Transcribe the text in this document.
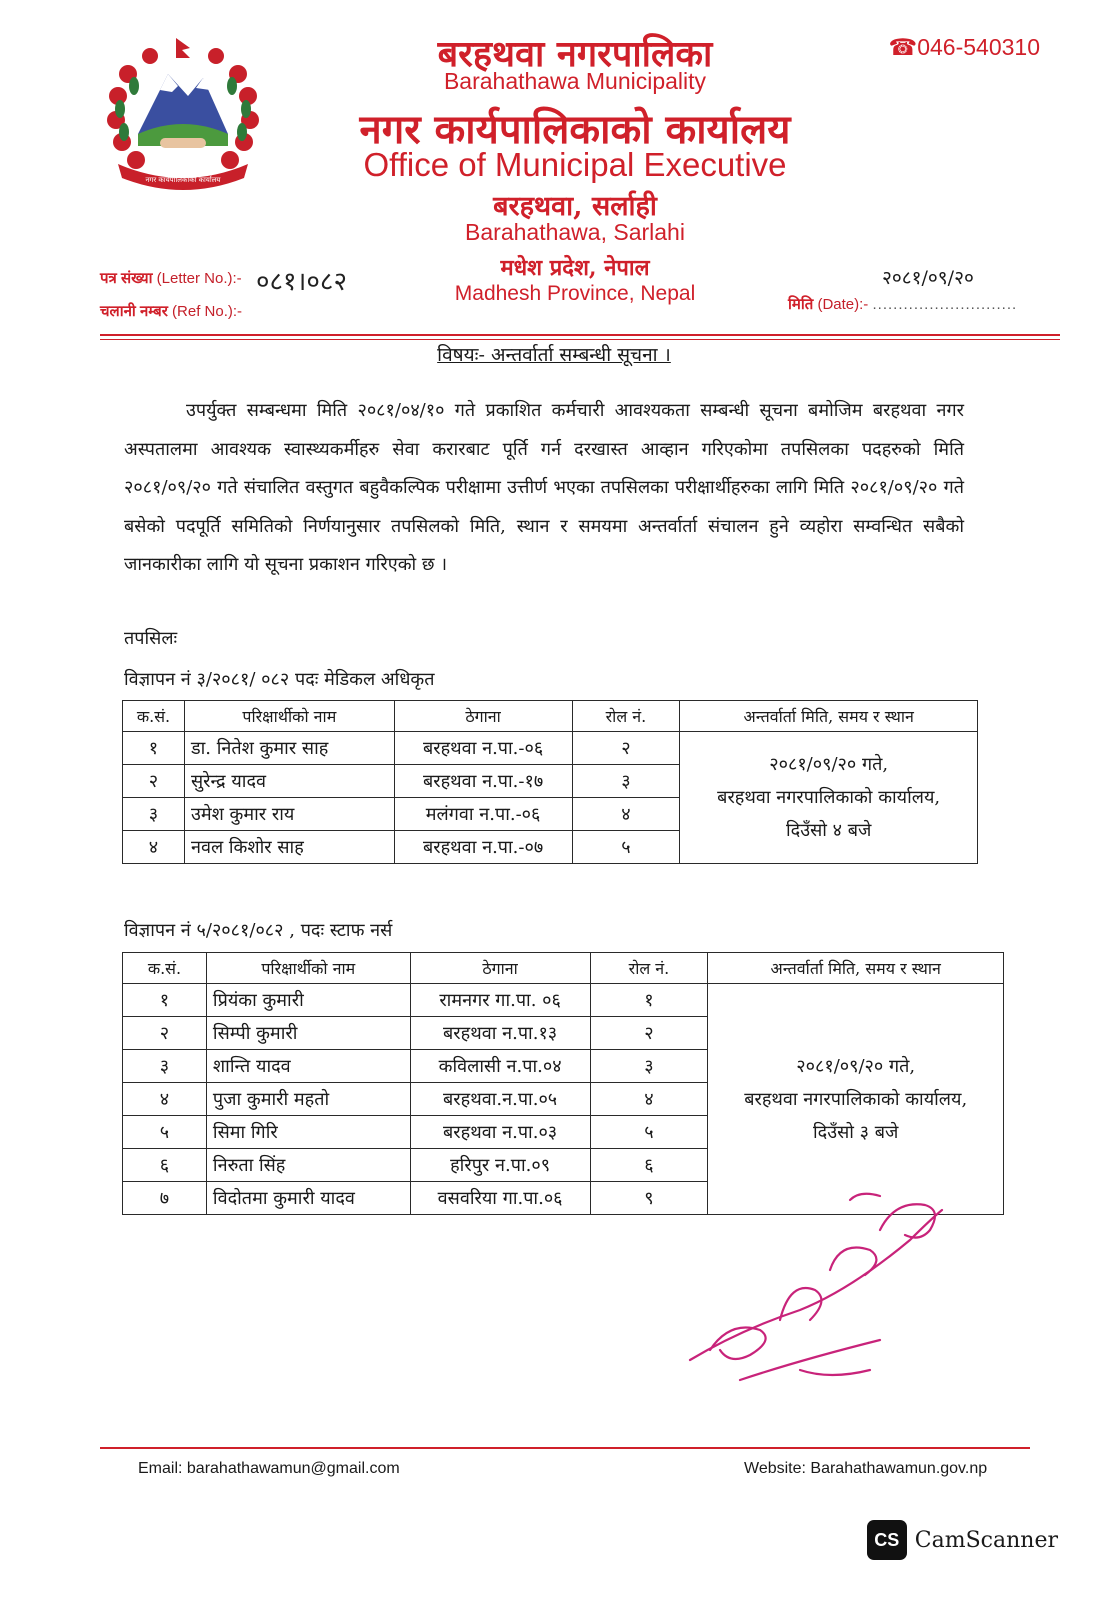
नगर कार्यपालिकाको कार्यालय
बरहथवा नगरपालिका
Barahathawa Municipality
नगर कार्यपालिकाको कार्यालय
Office of Municipal Executive
बरहथवा, सर्लाही
Barahathawa, Sarlahi
मधेश प्रदेश, नेपाल
Madhesh Province, Nepal
☎046-540310
पत्र संख्या (Letter No.):- ०८१।०८२
चलानी नम्बर (Ref No.):-
२०८१/०९/२०
मिति (Date):- ............................
विषयः- अन्तर्वार्ता सम्बन्धी सूचना ।
उपर्युक्त सम्बन्धमा मिति २०८१/०४/१० गते प्रकाशित कर्मचारी आवश्यकता सम्बन्धी सूचना बमोजिम बरहथवा नगर अस्पतालमा आवश्यक स्वास्थ्यकर्मीहरु सेवा करारबाट पूर्ति गर्न दरखास्त आव्हान गरिएकोमा तपसिलका पदहरुको मिति २०८१/०९/२० गते संचालित वस्तुगत बहुवैकल्पिक परीक्षामा उत्तीर्ण भएका तपसिलका परीक्षार्थीहरुका लागि मिति २०८१/०९/२० गते बसेको पदपूर्ति समितिको निर्णयानुसार तपसिलको मिति, स्थान र समयमा अन्तर्वार्ता संचालन हुने व्यहोरा सम्वन्धित सबैको जानकारीका लागि यो सूचना प्रकाशन गरिएको छ ।
तपसिलः
विज्ञापन नं ३/२०८१/ ०८२ पदः मेडिकल अधिकृत
क.सं.	परिक्षार्थीको नाम	ठेगाना	रोल नं.	अन्तर्वार्ता मिति, समय र स्थान
१	डा. नितेश कुमार साह	बरहथवा न.पा.-०६	२	२०८१/०९/२० गते,
बरहथवा नगरपालिकाको कार्यालय,
दिउँसो ४ बजे

२	सुरेन्द्र यादव	बरहथवा न.पा.-१७	३	
३	उमेश कुमार राय	मलंगवा न.पा.-०६	४	
४	नवल किशोर साह	बरहथवा न.पा.-०७	५	
विज्ञापन नं ५/२०८१/०८२ , पदः स्टाफ नर्स
क.सं.	परिक्षार्थीको नाम	ठेगाना	रोल नं.	अन्तर्वार्ता मिति, समय र स्थान
१	प्रियंका कुमारी	रामनगर गा.पा. ०६	१	२०८१/०९/२० गते,
बरहथवा नगरपालिकाको कार्यालय,
दिउँसो ३ बजे

२	सिम्पी कुमारी	बरहथवा न.पा.१३	२	
३	शान्ति यादव	कविलासी न.पा.०४	३	
४	पुजा कुमारी महतो	बरहथवा.न.पा.०५	४	
५	सिमा गिरि	बरहथवा न.पा.०३	५	
६	निरुता सिंह	हरिपुर न.पा.०९	६	
७	विदोतमा कुमारी यादव	वसवरिया गा.पा.०६	९	
Email: barahathawamun@gmail.com	Website: Barahathawamun.gov.np
CS CamScanner
